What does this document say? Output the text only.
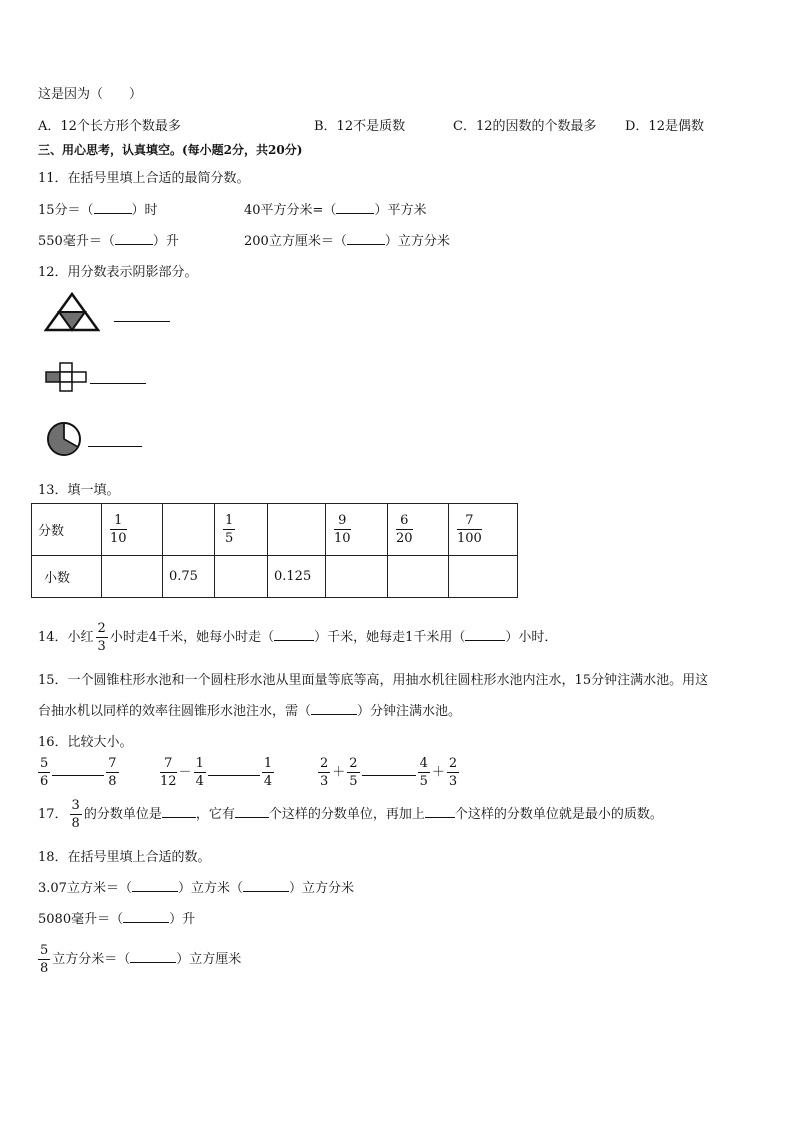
这是因为（　　）
A．12个长方形个数最多	B．12不是质数	C．12的因数的个数最多 D．12是偶数
三、用心思考，认真填空。(每小题2分，共20分)
11．在括号里填上合适的最简分数。
15分＝（	）时	40平方分米=（	）平方米
550毫升＝（	）升	200立方厘米＝（	）立方分米
12．用分数表示阴影部分。
13．填一填。
分数	$\frac{1}{10}$		$\frac{1}{5}$		$\frac{9}{10}$	$\frac{6}{20}$	$\frac{7}{100}$

小数		0.75		0.125			
14．小红 $\frac{2}{3}$ 小时走4千米，她每小时走（	）千米，她每走1千米用（	）小时．
15．一个圆锥柱形水池和一个圆柱形水池从里面量等底等高，用抽水机往圆柱形水池内注水，15分钟注满水池。用这
台抽水机以同样的效率往圆锥形水池注水，需（	）分钟注满水池。
16．比较大小。
$\frac{5}{6}$	$\frac{7}{8}$	$\frac{7}{12} - \frac{1}{4}$	$\frac{1}{4}$	$\frac{2}{3} + \frac{2}{5}$	$\frac{4}{5} + \frac{2}{3}$
17． $\frac{3}{8}$ 的分数单位是	，它有	个这样的分数单位，再加上 个这样的分数单位就是最小的质数。
18．在括号里填上合适的数。
3.07立方米＝（	）立方米（	）立方分米
5080毫升＝（	）升
$\frac{5}{8}$ 立方分米＝（	）立方厘米
